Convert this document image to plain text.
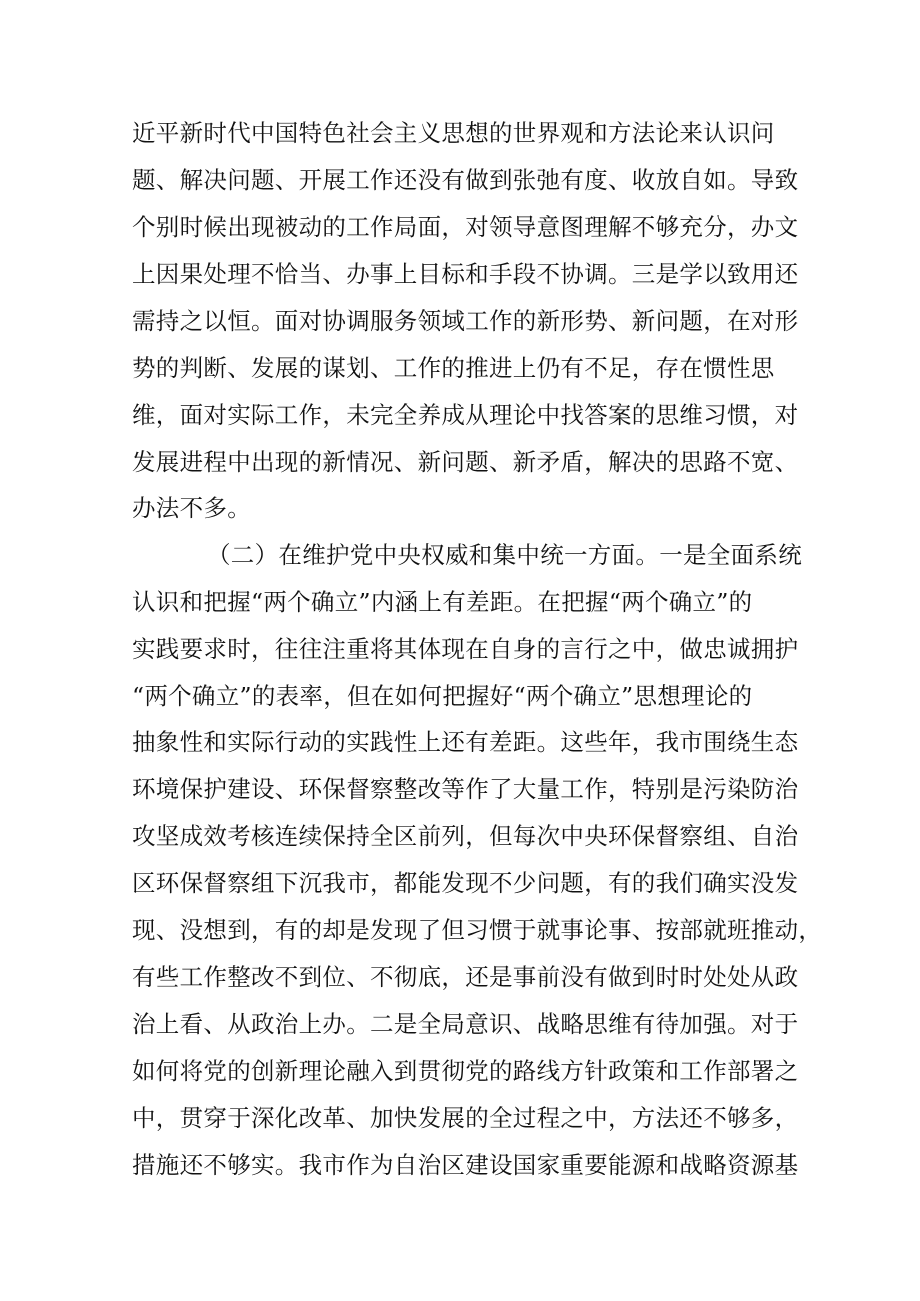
近平新时代中国特色社会主义思想的世界观和方法论来认识问
题、解决问题、开展工作还没有做到张弛有度、收放自如。导致
个别时候出现被动的工作局面，对领导意图理解不够充分，办文
上因果处理不恰当、办事上目标和手段不协调。三是学以致用还
需持之以恒。面对协调服务领域工作的新形势、新问题，在对形
势的判断、发展的谋划、工作的推进上仍有不足，存在惯性思
维，面对实际工作，未完全养成从理论中找答案的思维习惯，对
发展进程中出现的新情况、新问题、新矛盾，解决的思路不宽、
办法不多。
（二）在维护党中央权威和集中统一方面。一是全面系统
认识和把握“两个确立”内涵上有差距。在把握“两个确立”的
实践要求时，往往注重将其体现在自身的言行之中，做忠诚拥护
“两个确立”的表率，但在如何把握好“两个确立”思想理论的
抽象性和实际行动的实践性上还有差距。这些年，我市围绕生态
环境保护建设、环保督察整改等作了大量工作，特别是污染防治
攻坚成效考核连续保持全区前列，但每次中央环保督察组、自治
区环保督察组下沉我市，都能发现不少问题，有的我们确实没发
现、没想到，有的却是发现了但习惯于就事论事、按部就班推动，
有些工作整改不到位、不彻底，还是事前没有做到时时处处从政
治上看、从政治上办。二是全局意识、战略思维有待加强。对于
如何将党的创新理论融入到贯彻党的路线方针政策和工作部署之
中，贯穿于深化改革、加快发展的全过程之中，方法还不够多，
措施还不够实。我市作为自治区建设国家重要能源和战略资源基
